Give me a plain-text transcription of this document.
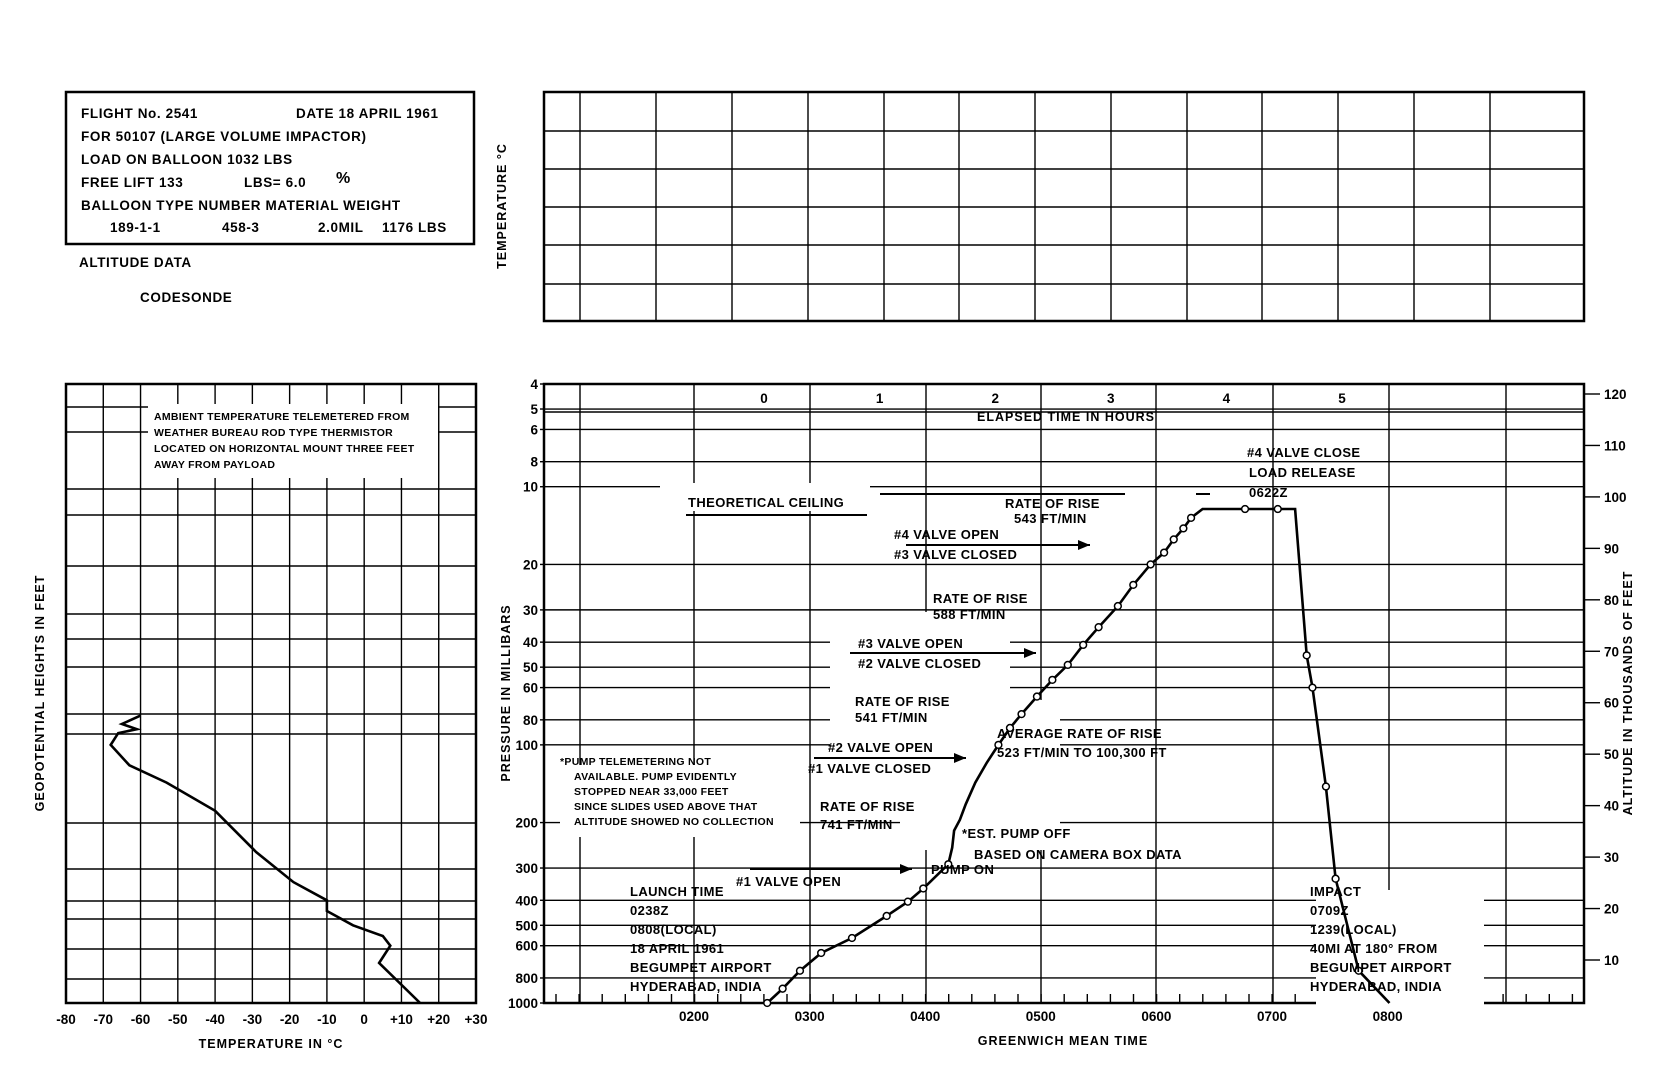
FLIGHT No. 2541	DATE 18 APRIL 1961
FOR 50107 (LARGE VOLUME IMPACTOR)
LOAD ON BALLOON 1032 LBS
FREE LIFT 133	LBS= 6.0 %
BALLOON TYPE NUMBER MATERIAL WEIGHT
189-1-1	458-3	2.0MIL 1176 LBS
ALTITUDE DATA
CODESONDE
TEMPERATURE °C
AMBIENT TEMPERATURE TELEMETERED FROM
WEATHER BUREAU ROD TYPE THERMISTOR
LOCATED ON HORIZONTAL MOUNT THREE FEET
AWAY FROM PAYLOAD
-80 -70 -60 -50 -40 -30 -20 -10 0 +10 +20 +30
TEMPERATURE IN °C
GEOPOTENTIAL HEIGHTS IN FEET
4
5
6
8
10
20
30
40
50
60
80
100
200
300
400
500
600
800
1000
10
20
30
40
50
60
70
80
90
100
110
120
0200	0300	0400	0500	0600	0700	0800
0	1	2	3	4	5
THEORETICAL CEILING	RATE OF RISE
543 FT/MIN
#4 VALVE CLOSE
LOAD RELEASE
0622Z
#4 VALVE OPEN
#3 VALVE CLOSED
RATE OF RISE
588 FT/MIN
#3 VALVE OPEN
#2 VALVE CLOSED
RATE OF RISE
541 FT/MIN
AVERAGE RATE OF RISE
523 FT/MIN TO 100,300 FT
#2 VALVE OPEN
#1 VALVE CLOSED
RATE OF RISE
741 FT/MIN
*EST. PUMP OFF
BASED ON CAMERA BOX DATA
#1 VALVE OPEN
PUMP ON
LAUNCH TIME
0238Z
0808(LOCAL)
18 APRIL 1961
BEGUMPET AIRPORT
HYDERABAD, INDIA
IMPACT
0709Z
1239(LOCAL)
40MI AT 180° FROM
BEGUMPET AIRPORT
HYDERABAD, INDIA
*PUMP TELEMETERING NOT
AVAILABLE. PUMP EVIDENTLY
STOPPED NEAR 33,000 FEET
SINCE SLIDES USED ABOVE THAT
ALTITUDE SHOWED NO COLLECTION
GREENWICH MEAN TIME
ELAPSED TIME IN HOURS
PRESSURE IN MILLIBARS	ALTITUDE IN THOUSANDS OF FEET
